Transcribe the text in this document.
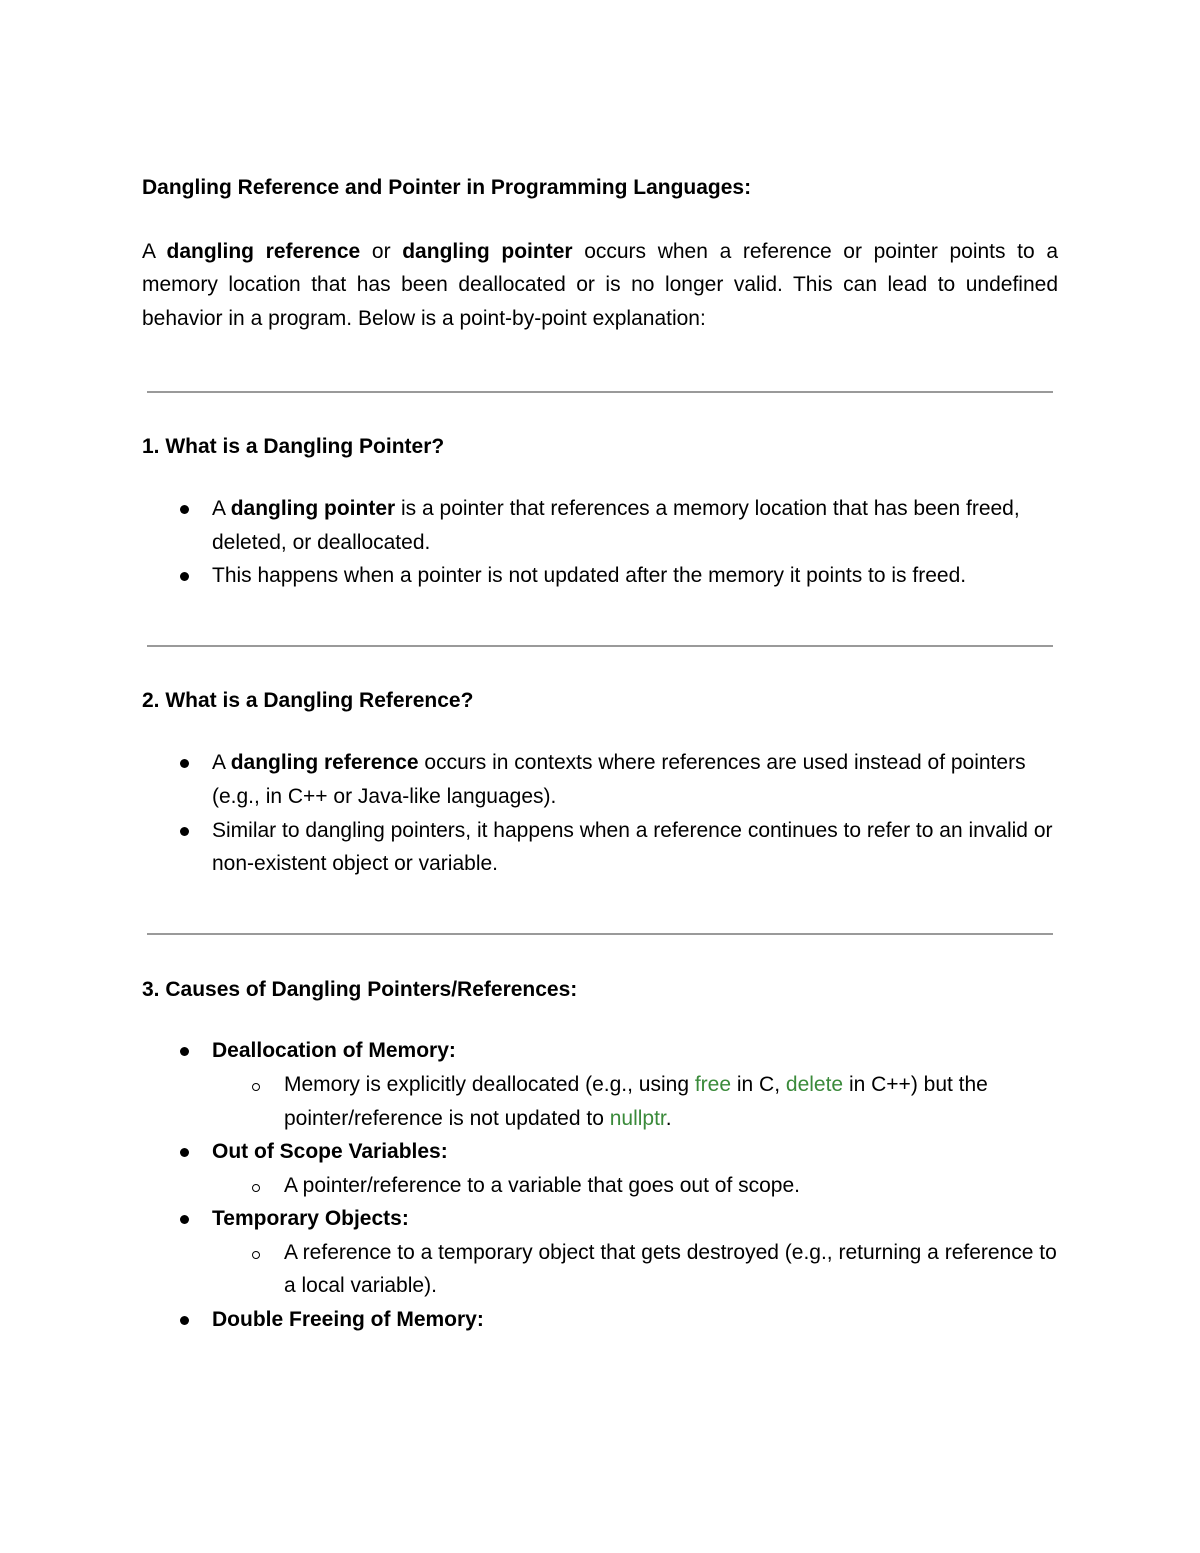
Dangling Reference and Pointer in Programming Languages:

A dangling reference or dangling pointer occurs when a reference or pointer points to a memory location that has been deallocated or is no longer valid. This can lead to undefined behavior in a program. Below is a point-by-point explanation:

1. What is a Dangling Pointer?

A dangling pointer is a pointer that references a memory location that has been freed, deleted, or deallocated.
This happens when a pointer is not updated after the memory it points to is freed.

2. What is a Dangling Reference?

A dangling reference occurs in contexts where references are used instead of pointers (e.g., in C++ or Java-like languages).
Similar to dangling pointers, it happens when a reference continues to refer to an invalid or non-existent object or variable.

3. Causes of Dangling Pointers/References:

Deallocation of Memory:
Memory is explicitly deallocated (e.g., using free in C, delete in C++) but the pointer/reference is not updated to nullptr.
Out of Scope Variables:
A pointer/reference to a variable that goes out of scope.
Temporary Objects:
A reference to a temporary object that gets destroyed (e.g., returning a reference to a local variable).
Double Freeing of Memory:
